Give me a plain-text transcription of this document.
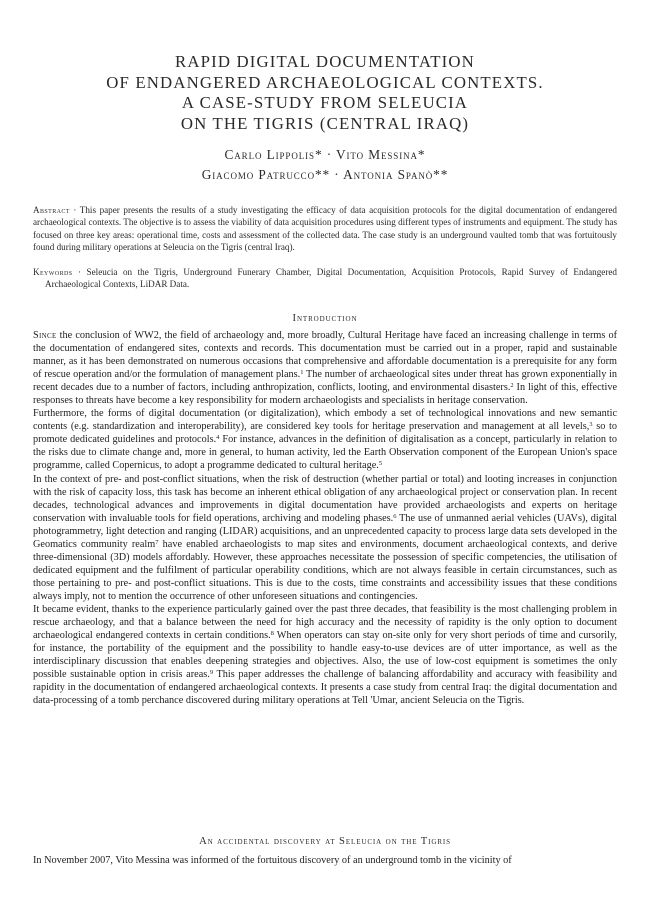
RAPID DIGITAL DOCUMENTATION
OF ENDANGERED ARCHAEOLOGICAL CONTEXTS.
A CASE-STUDY FROM SELEUCIA
ON THE TIGRIS (CENTRAL IRAQ)
Carlo Lippolis* · Vito Messina*
Giacomo Patrucco** · Antonia Spanò**
Abstract · This paper presents the results of a study investigating the efficacy of data acquisition protocols for the digital documentation of endangered archaeological contexts. The objective is to assess the viability of data acquisition procedures using different types of instruments and equipment. The study has focused on three key areas: operational time, costs and assessment of the collected data. The case study is an underground vaulted tomb that was fortuitously found during military operations at Seleucia on the Tigris (central Iraq).
Keywords · Seleucia on the Tigris, Underground Funerary Chamber, Digital Documentation, Acquisition Protocols, Rapid Survey of Endangered Archaeological Contexts, LiDAR Data.
Introduction

Since the conclusion of WW2, the field of archaeology and, more broadly, Cultural Heritage have faced an increasing challenge in terms of the documentation of endangered sites, contexts and records. This documentation must be carried out in a proper, rapid and sustainable manner, as it has been demonstrated on numerous occasions that comprehensive and affordable documentation is a prerequisite for any form of rescue operation and/or the formulation of management plans.$^1$ The number of archaeological sites under threat has grown exponentially in recent decades due to a number of factors, including anthropization, conflicts, looting, and environmental disasters.$^2$ In light of this, effective responses to threats have become a key responsibility for modern archaeologists and specialists in heritage conservation.

Furthermore, the forms of digital documentation (or digitalization), which embody a set of technological innovations and new semantic contents (e.g. standardization and interoperability), are considered key tools for heritage preservation and management at all levels,$^3$ so to promote dedicated guidelines and protocols.$^4$ For instance, advances in the definition of digitalisation as a concept, particularly in relation to the risks due to climate change and, more in general, to human activity, led the Earth Observation component of the European Union's space programme, called Copernicus, to adopt a programme dedicated to cultural heritage.$^5$

In the context of pre- and post-conflict situations, when the risk of destruction (whether partial or total) and looting increases in conjunction with the risk of capacity loss, this task has become an inherent ethical obligation of any archaeological project or conservation plan. In recent decades, technological advances and improvements in digital documentation have provided archaeologists and experts on heritage conservation with invaluable tools for field operations, archiving and modeling phases.$^6$ The use of unmanned aerial vehicles (UAVs), digital photogrammetry, light detection and ranging (LIDAR) acquisitions, and an unprecedented capacity to process large data sets developed in the Geomatics community realm$^7$ have enabled archaeologists to map sites and environments, document archaeological contexts, and derive three-dimensional (3D) models affordably. However, these approaches necessitate the possession of specific competencies, the utilisation of dedicated equipment and the fulfilment of particular operability conditions, which are not always feasible in certain circumstances, such as those pertaining to pre- and post-conflict situations. This is due to the costs, time constraints and accessibility issues that these conditions always imply, not to mention the occurrence of other unforeseen situations and contingencies.

It became evident, thanks to the experience particularly gained over the past three decades, that feasibility is the most challenging problem in rescue archaeology, and that a balance between the need for high accuracy and the necessity of rapidity is the only option to document archaeological endangered contexts in certain conditions.$^8$ When operators can stay on-site only for very short periods of time and cursorily, for instance, the portability of the equipment and the possibility to handle easy-to-use devices are of utter importance, as well as the interdisciplinary discussion that enables deepening strategies and objectives. Also, the use of low-cost equipment is sometimes the only possible sustainable option in crisis areas.$^9$ This paper addresses the challenge of balancing affordability and accuracy with feasibility and rapidity in the documentation of endangered archaeological contexts. It presents a case study from central Iraq: the digital documentation and data-processing of a tomb perchance discovered during military operations at Tell 'Umar, ancient Seleucia on the Tigris.

An accidental discovery at Seleucia on the Tigris
In November 2007, Vito Messina was informed of the fortuitous discovery of an underground tomb in the vicinity of
